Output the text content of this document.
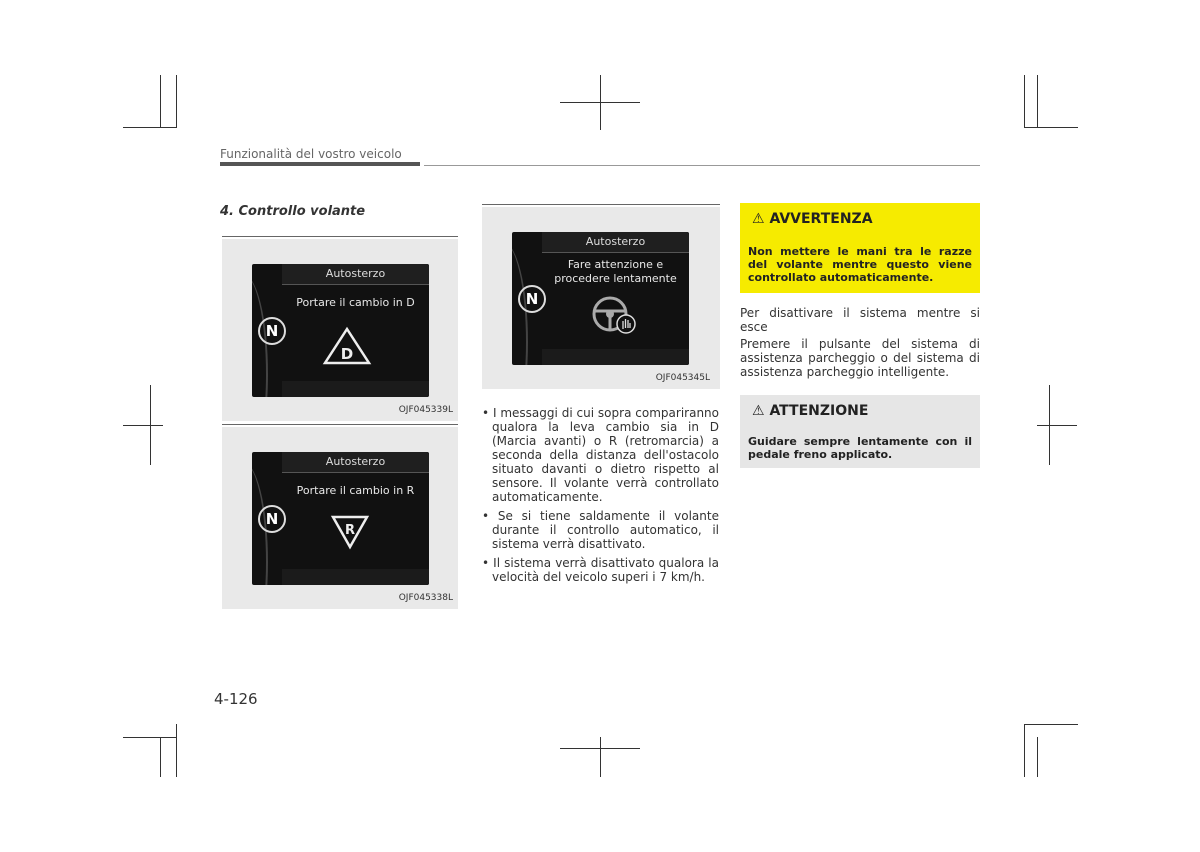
Funzionalità del vostro veicolo
4. Controllo volante
N
Autosterzo
Portare il cambio in D
D
OJF045339L
N
Autosterzo
Portare il cambio in R
R
OJF045338L
N
Autosterzo
Fare attenzione e
procedere lentamente
OJF045345L

• I messaggi di cui sopra compariranno qualora la leva cambio sia in D (Marcia avanti) o R (retromarcia) a seconda della distanza dell'ostacolo situato davanti o dietro rispetto al sensore. Il volante verrà controllato automaticamente.

• Se si tiene saldamente il volante durante il controllo automatico, il sistema verrà disattivato.

• Il sistema verrà disattivato qualora la velocità del veicolo superi i 7 km/h.

⚠ AVVERTENZA
Non mettere le mani tra le razze del volante mentre questo viene controllato automaticamente.
Per disattivare il sistema mentre si esce
Premere il pulsante del sistema di assistenza parcheggio o del sistema di assistenza parcheggio intelligente.
⚠ ATTENZIONE
Guidare sempre lentamente con il pedale freno applicato.
4-126
